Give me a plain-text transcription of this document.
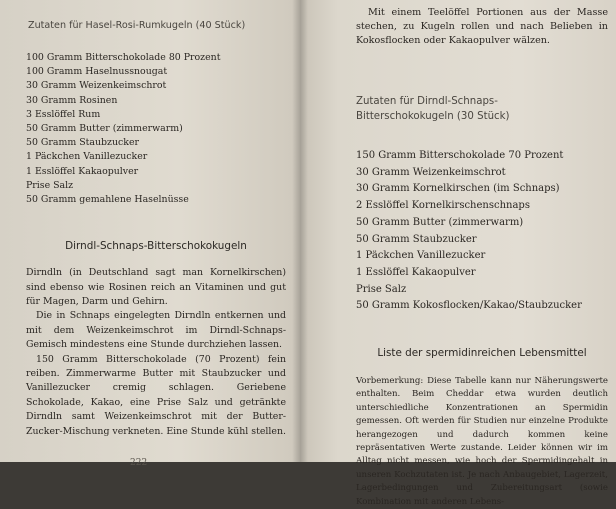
Zutaten für Hasel-Rosi-Rumkugeln (40 Stück)
100 Gramm Bitterschokolade 80 Prozent
100 Gramm Haselnussnougat
30 Gramm Weizenkeimschrot
30 Gramm Rosinen
3 Esslöffel Rum
50 Gramm Butter (zimmerwarm)
50 Gramm Staubzucker
1 Päckchen Vanillezucker
1 Esslöffel Kakaopulver
Prise Salz
50 Gramm gemahlene Haselnüsse
Dirndl-Schnaps-Bitterschokokugeln

Dirndln (in Deutschland sagt man Kornelkirschen) sind ebenso wie Rosinen reich an Vitaminen und gut für Magen, Darm und Gehirn.

Die in Schnaps eingelegten Dirndln entkernen und mit dem Weizenkeimschrot im Dirndl-Schnaps-Gemisch mindestens eine Stunde durchziehen lassen.

150 Gramm Bitterschokolade (70 Prozent) fein reiben. Zimmerwarme Butter mit Staubzucker und Vanillezucker cremig schlagen. Geriebene Schokolade, Kakao, eine Prise Salz und getränkte Dirndln samt Weizenkeimschrot mit der Butter-Zucker-Mischung verkneten. Eine Stunde kühl stellen.

222

Mit einem Teelöffel Portionen aus der Masse stechen, zu Kugeln rollen und nach Belieben in Kokosflocken oder Kakaopulver wälzen.

Zutaten für Dirndl-Schnaps-Bitterschokokugeln (30 Stück)
150 Gramm Bitterschokolade 70 Prozent
30 Gramm Weizenkeimschrot
30 Gramm Kornelkirschen (im Schnaps)
2 Esslöffel Kornelkirschenschnaps
50 Gramm Butter (zimmerwarm)
50 Gramm Staubzucker
1 Päckchen Vanillezucker
1 Esslöffel Kakaopulver
Prise Salz
50 Gramm Kokosflocken/Kakao/Staubzucker
Liste der spermidinreichen Lebensmittel

Vorbemerkung: Diese Tabelle kann nur Näherungswerte enthalten. Beim Cheddar etwa wurden deutlich unterschiedliche Konzentrationen an Spermidin gemessen. Oft werden für Studien nur einzelne Produkte herangezogen und dadurch kommen keine repräsentativen Werte zustande. Leider können wir im Alltag nicht messen, wie hoch der Spermidingehalt in unseren Kochzutaten ist. Je nach Anbaugebiet, Lagerzeit, Lagerbedingungen und Zubereitungsart (sowie Kombination mit anderen Lebens-
